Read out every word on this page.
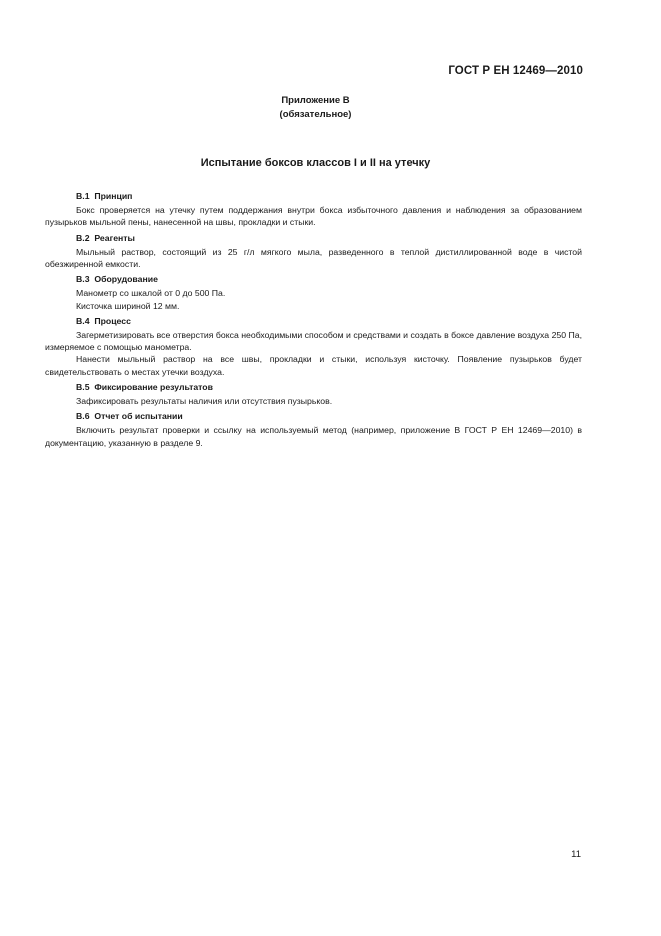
ГОСТ Р ЕН 12469—2010
Приложение В
(обязательное)
Испытание боксов классов I и II на утечку

В.1 Принцип

Бокс проверяется на утечку путем поддержания внутри бокса избыточного давления и наблюдения за образованием пузырьков мыльной пены, нанесенной на швы, прокладки и стыки.

В.2 Реагенты

Мыльный раствор, состоящий из 25 г/л мягкого мыла, разведенного в теплой дистиллированной воде в чистой обезжиренной емкости.

В.3 Оборудование

Манометр со шкалой от 0 до 500 Па.

Кисточка шириной 12 мм.

В.4 Процесс

Загерметизировать все отверстия бокса необходимыми способом и средствами и создать в боксе давление воздуха 250 Па, измеряемое с помощью манометра.

Нанести мыльный раствор на все швы, прокладки и стыки, используя кисточку. Появление пузырьков будет свидетельствовать о местах утечки воздуха.

В.5 Фиксирование результатов

Зафиксировать результаты наличия или отсутствия пузырьков.

В.6 Отчет об испытании

Включить результат проверки и ссылку на используемый метод (например, приложение В ГОСТ Р ЕН 12469—2010) в документацию, указанную в разделе 9.

11
